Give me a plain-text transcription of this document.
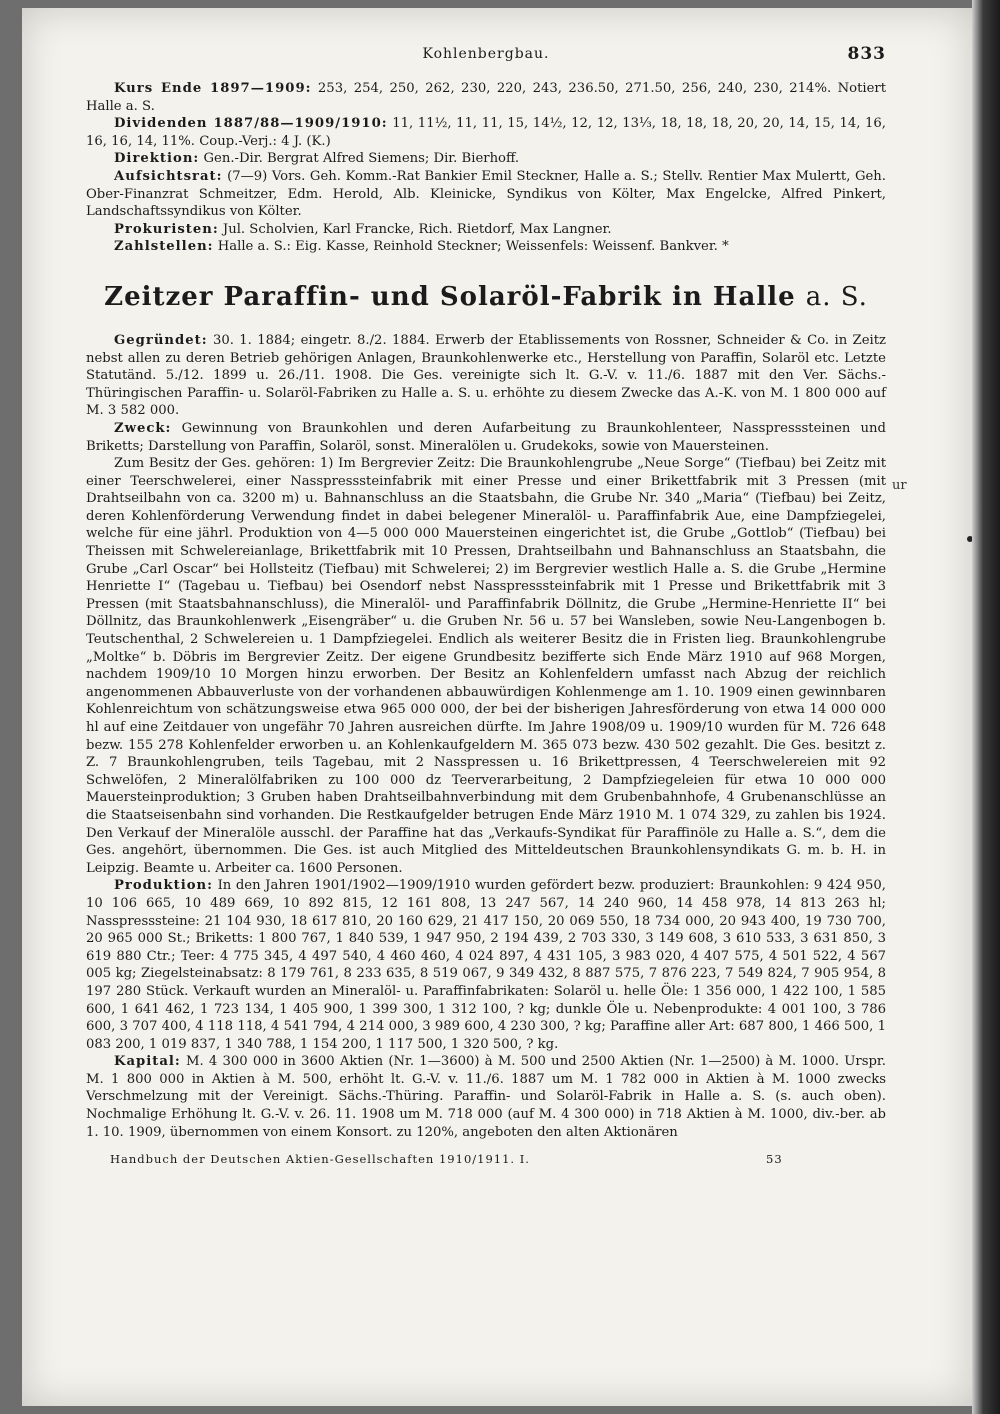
Kohlenbergbau.	833

Kurs Ende 1897—1909: 253, 254, 250, 262, 230, 220, 243, 236.50, 271.50, 256, 240, 230, 214%. Notiert Halle a. S.

Dividenden 1887/88—1909/1910: 11, 11½, 11, 11, 15, 14½, 12, 12, 13⅓, 18, 18, 18, 20, 20, 14, 15, 14, 16, 16, 16, 14, 11%. Coup.-Verj.: 4 J. (K.)

Direktion: Gen.-Dir. Bergrat Alfred Siemens; Dir. Bierhoff.

Aufsichtsrat: (7—9) Vors. Geh. Komm.-Rat Bankier Emil Steckner, Halle a. S.; Stellv. Rentier Max Mulertt, Geh. Ober-Finanzrat Schmeitzer, Edm. Herold, Alb. Kleinicke, Syndikus von Költer, Max Engelcke, Alfred Pinkert, Landschaftssyndikus von Költer.

Prokuristen: Jul. Scholvien, Karl Francke, Rich. Rietdorf, Max Langner.

Zahlstellen: Halle a. S.: Eig. Kasse, Reinhold Steckner; Weissenfels: Weissenf. Bankver. *

Zeitzer Paraffin- und Solaröl-Fabrik in Halle a. S.

Gegründet: 30. 1. 1884; eingetr. 8./2. 1884. Erwerb der Etablissements von Rossner, Schneider & Co. in Zeitz nebst allen zu deren Betrieb gehörigen Anlagen, Braunkohlenwerke etc., Herstellung von Paraffin, Solaröl etc. Letzte Statutänd. 5./12. 1899 u. 26./11. 1908. Die Ges. vereinigte sich lt. G.-V. v. 11./6. 1887 mit den Ver. Sächs.-Thüringischen Paraffin- u. Solaröl-Fabriken zu Halle a. S. u. erhöhte zu diesem Zwecke das A.-K. von M. 1 800 000 auf M. 3 582 000.

Zweck: Gewinnung von Braunkohlen und deren Aufarbeitung zu Braunkohlenteer, Nasspresssteinen und Briketts; Darstellung von Paraffin, Solaröl, sonst. Mineralölen u. Grudekoks, sowie von Mauersteinen.

Zum Besitz der Ges. gehören: 1) Im Bergrevier Zeitz: Die Braunkohlengrube „Neue Sorge“ (Tiefbau) bei Zeitz mit einer Teerschwelerei, einer Nasspresssteinfabrik mit einer Presse und einer Brikettfabrik mit 3 Pressen (mit Drahtseilbahn von ca. 3200 m) u. Bahnanschluss an die Staatsbahn, die Grube Nr. 340 „Maria“ (Tiefbau) bei Zeitz, deren Kohlenförderung Verwendung findet in dabei belegener Mineralöl- u. Paraffinfabrik Aue, eine Dampfziegelei, welche für eine jährl. Produktion von 4—5 000 000 Mauersteinen eingerichtet ist, die Grube „Gottlob“ (Tiefbau) bei Theissen mit Schwelereianlage, Brikettfabrik mit 10 Pressen, Drahtseilbahn und Bahnanschluss an Staatsbahn, die Grube „Carl Oscar“ bei Hollsteitz (Tiefbau) mit Schwelerei; 2) im Bergrevier westlich Halle a. S. die Grube „Hermine Henriette I“ (Tagebau u. Tiefbau) bei Osendorf nebst Nasspresssteinfabrik mit 1 Presse und Brikettfabrik mit 3 Pressen (mit Staatsbahnanschluss), die Mineralöl- und Paraffinfabrik Döllnitz, die Grube „Hermine-Henriette II“ bei Döllnitz, das Braunkohlenwerk „Eisengräber“ u. die Gruben Nr. 56 u. 57 bei Wansleben, sowie Neu-Langenbogen b. Teutschenthal, 2 Schwelereien u. 1 Dampfziegelei. Endlich als weiterer Besitz die in Fristen lieg. Braunkohlengrube „Moltke“ b. Döbris im Bergrevier Zeitz. Der eigene Grundbesitz bezifferte sich Ende März 1910 auf 968 Morgen, nachdem 1909/10 10 Morgen hinzu erworben. Der Besitz an Kohlenfeldern umfasst nach Abzug der reichlich angenommenen Abbauverluste von der vorhandenen abbauwürdigen Kohlenmenge am 1. 10. 1909 einen gewinnbaren Kohlenreichtum von schätzungsweise etwa 965 000 000, der bei der bisherigen Jahresförderung von etwa 14 000 000 hl auf eine Zeitdauer von ungefähr 70 Jahren ausreichen dürfte. Im Jahre 1908/09 u. 1909/10 wurden für M. 726 648 bezw. 155 278 Kohlenfelder erworben u. an Kohlenkaufgeldern M. 365 073 bezw. 430 502 gezahlt. Die Ges. besitzt z. Z. 7 Braunkohlengruben, teils Tagebau, mit 2 Nasspressen u. 16 Brikettpressen, 4 Teerschwelereien mit 92 Schwelöfen, 2 Mineralölfabriken zu 100 000 dz Teerverarbeitung, 2 Dampfziegeleien für etwa 10 000 000 Mauersteinproduktion; 3 Gruben haben Drahtseilbahnverbindung mit dem Grubenbahnhofe, 4 Grubenanschlüsse an die Staatseisenbahn sind vorhanden. Die Restkaufgelder betrugen Ende März 1910 M. 1 074 329, zu zahlen bis 1924. Den Verkauf der Mineralöle ausschl. der Paraffine hat das „Verkaufs-Syndikat für Paraffinöle zu Halle a. S.“, dem die Ges. angehört, übernommen. Die Ges. ist auch Mitglied des Mitteldeutschen Braunkohlensyndikats G. m. b. H. in Leipzig. Beamte u. Arbeiter ca. 1600 Personen.

Produktion: In den Jahren 1901/1902—1909/1910 wurden gefördert bezw. produziert: Braunkohlen: 9 424 950, 10 106 665, 10 489 669, 10 892 815, 12 161 808, 13 247 567, 14 240 960, 14 458 978, 14 813 263 hl; Nasspresssteine: 21 104 930, 18 617 810, 20 160 629, 21 417 150, 20 069 550, 18 734 000, 20 943 400, 19 730 700, 20 965 000 St.; Briketts: 1 800 767, 1 840 539, 1 947 950, 2 194 439, 2 703 330, 3 149 608, 3 610 533, 3 631 850, 3 619 880 Ctr.; Teer: 4 775 345, 4 497 540, 4 460 460, 4 024 897, 4 431 105, 3 983 020, 4 407 575, 4 501 522, 4 567 005 kg; Ziegelsteinabsatz: 8 179 761, 8 233 635, 8 519 067, 9 349 432, 8 887 575, 7 876 223, 7 549 824, 7 905 954, 8 197 280 Stück. Verkauft wurden an Mineralöl- u. Paraffinfabrikaten: Solaröl u. helle Öle: 1 356 000, 1 422 100, 1 585 600, 1 641 462, 1 723 134, 1 405 900, 1 399 300, 1 312 100, ? kg; dunkle Öle u. Nebenprodukte: 4 001 100, 3 786 600, 3 707 400, 4 118 118, 4 541 794, 4 214 000, 3 989 600, 4 230 300, ? kg; Paraffine aller Art: 687 800, 1 466 500, 1 083 200, 1 019 837, 1 340 788, 1 154 200, 1 117 500, 1 320 500, ? kg.

Kapital: M. 4 300 000 in 3600 Aktien (Nr. 1—3600) à M. 500 und 2500 Aktien (Nr. 1—2500) à M. 1000. Urspr. M. 1 800 000 in Aktien à M. 500, erhöht lt. G.-V. v. 11./6. 1887 um M. 1 782 000 in Aktien à M. 1000 zwecks Verschmelzung mit der Vereinigt. Sächs.-Thüring. Paraffin- und Solaröl-Fabrik in Halle a. S. (s. auch oben). Nochmalige Erhöhung lt. G.-V. v. 26. 11. 1908 um M. 718 000 (auf M. 4 300 000) in 718 Aktien à M. 1000, div.-ber. ab 1. 10. 1909, übernommen von einem Konsort. zu 120%, angeboten den alten Aktionären

Handbuch der Deutschen Aktien-Gesellschaften 1910/1911. I.	53
ur
